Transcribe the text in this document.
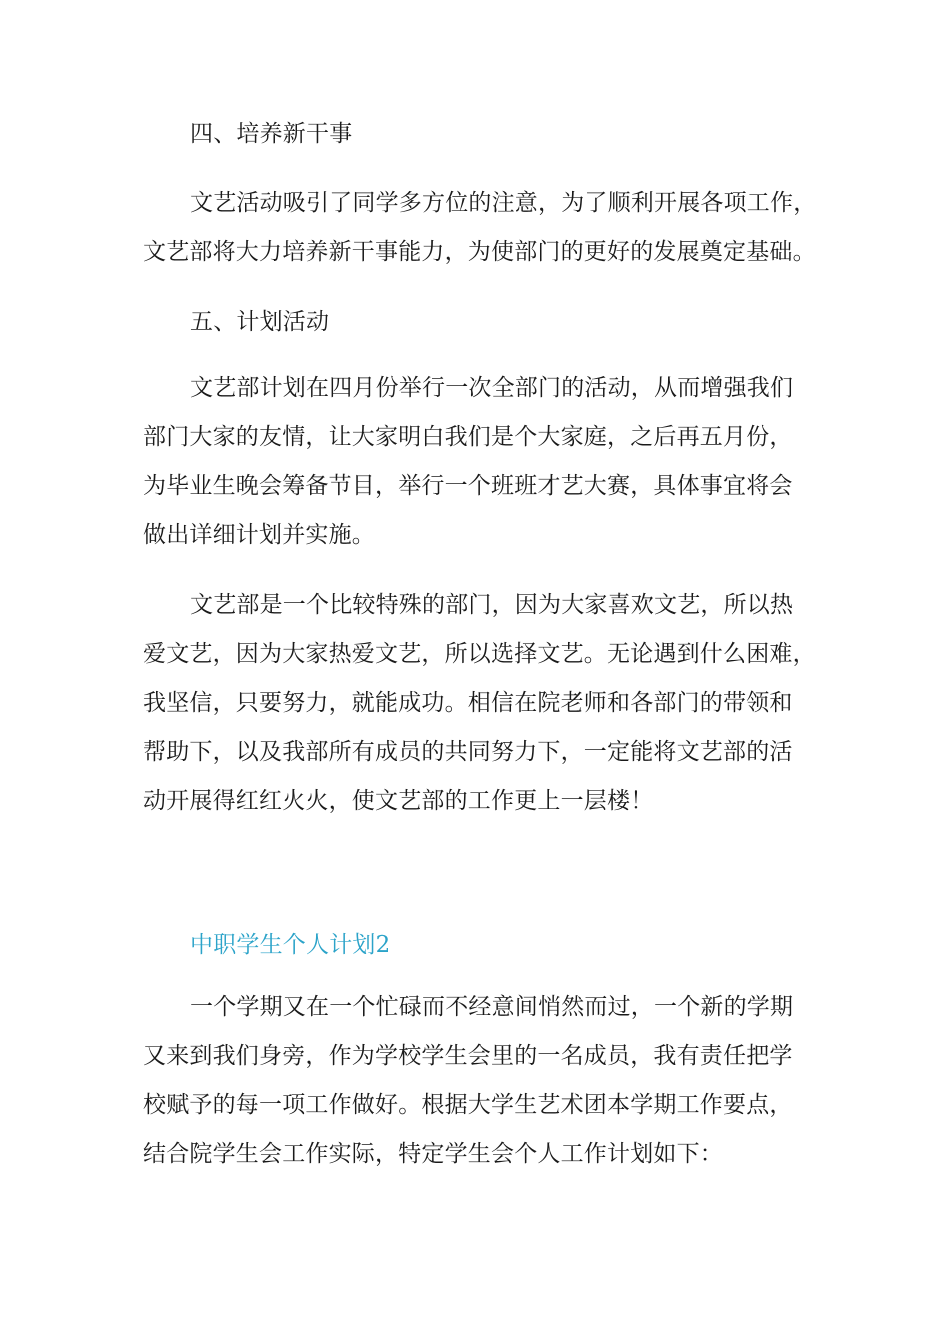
四、培养新干事
文艺活动吸引了同学多方位的注意，为了顺利开展各项工作，
文艺部将大力培养新干事能力，为使部门的更好的发展奠定基础。
五、计划活动
文艺部计划在四月份举行一次全部门的活动，从而增强我们
部门大家的友情，让大家明白我们是个大家庭，之后再五月份，
为毕业生晚会筹备节目，举行一个班班才艺大赛，具体事宜将会
做出详细计划并实施。
文艺部是一个比较特殊的部门，因为大家喜欢文艺，所以热
爱文艺，因为大家热爱文艺，所以选择文艺。无论遇到什么困难，
我坚信，只要努力，就能成功。相信在院老师和各部门的带领和
帮助下，以及我部所有成员的共同努力下，一定能将文艺部的活
动开展得红红火火，使文艺部的工作更上一层楼！
中职学生个人计划2
一个学期又在一个忙碌而不经意间悄然而过，一个新的学期
又来到我们身旁，作为学校学生会里的一名成员，我有责任把学
校赋予的每一项工作做好。根据大学生艺术团本学期工作要点，
结合院学生会工作实际，特定学生会个人工作计划如下：
